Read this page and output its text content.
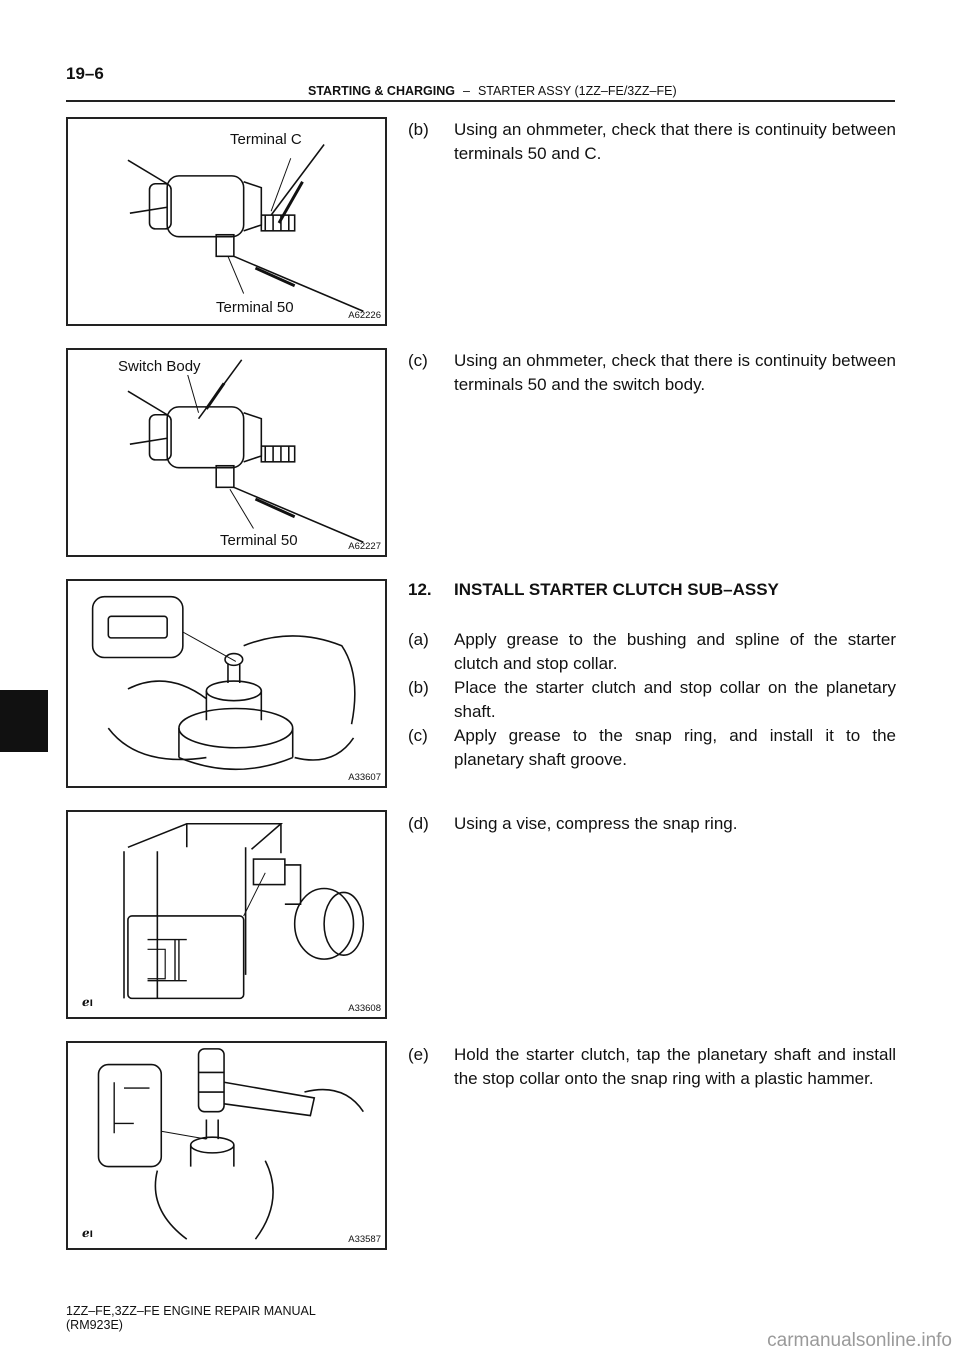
19–6
STARTING & CHARGING – STARTER ASSY (1ZZ–FE/3ZZ–FE)
Terminal C
Terminal 50	A62226
Switch Body
Terminal 50	A62227
A33607
ℯı	A33608
ℯı	A33587
(b) Using an ohmmeter, check that there is continuity between terminals 50 and C.
(c) Using an ohmmeter, check that there is continuity between terminals 50 and the switch body.
12. INSTALL STARTER CLUTCH SUB–ASSY
(a) Apply grease to the bushing and spline of the starter clutch and stop collar.
(b) Place the starter clutch and stop collar on the planetary shaft.
(c) Apply grease to the snap ring, and install it to the planetary shaft groove.
(d) Using a vise, compress the snap ring.
(e) Hold the starter clutch, tap the planetary shaft and install the stop collar onto the snap ring with a plastic hammer.
1ZZ–FE,3ZZ–FE ENGINE REPAIR MANUAL
(RM923E)
carmanualsonline.info
